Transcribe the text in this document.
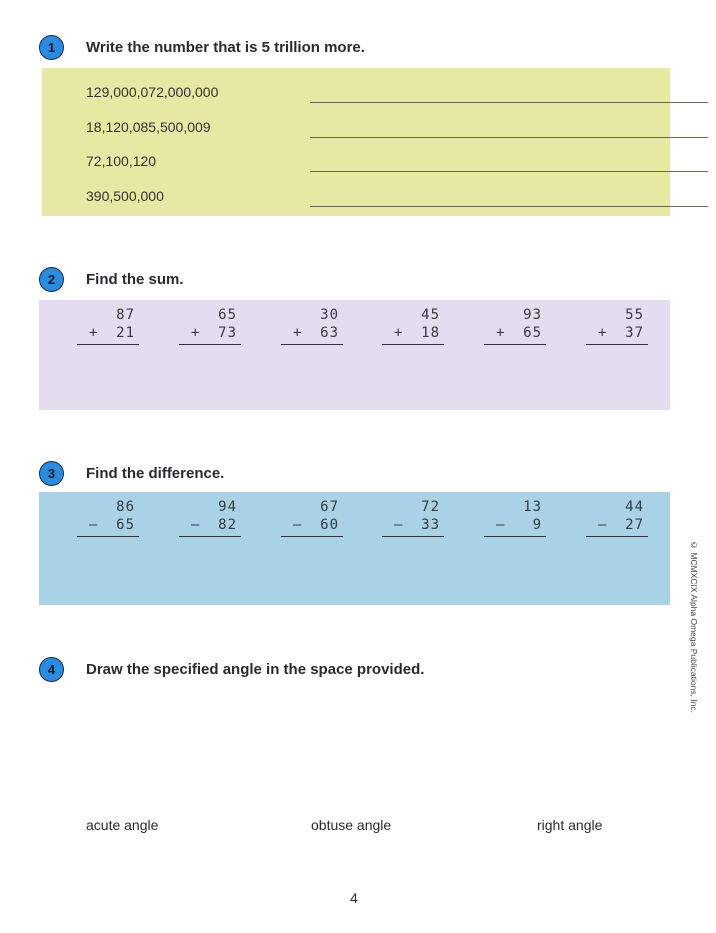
1	Write the number that is 5 trillion more.
129,000,072,000,000
18,120,085,500,009
72,100,120
390,500,000
2	Find the sum.
87
+ 21
65
+ 73
30
+ 63
45
+ 18
93
+ 65
55
+ 37
3	Find the difference.
86
– 65
94
– 82
67
– 60
72
– 33
13
– 9
44
– 27
© MCMXCIX Alpha Omega Publications, Inc.
4	Draw the specified angle in the space provided.
acute angle	obtuse angle	right angle
4
